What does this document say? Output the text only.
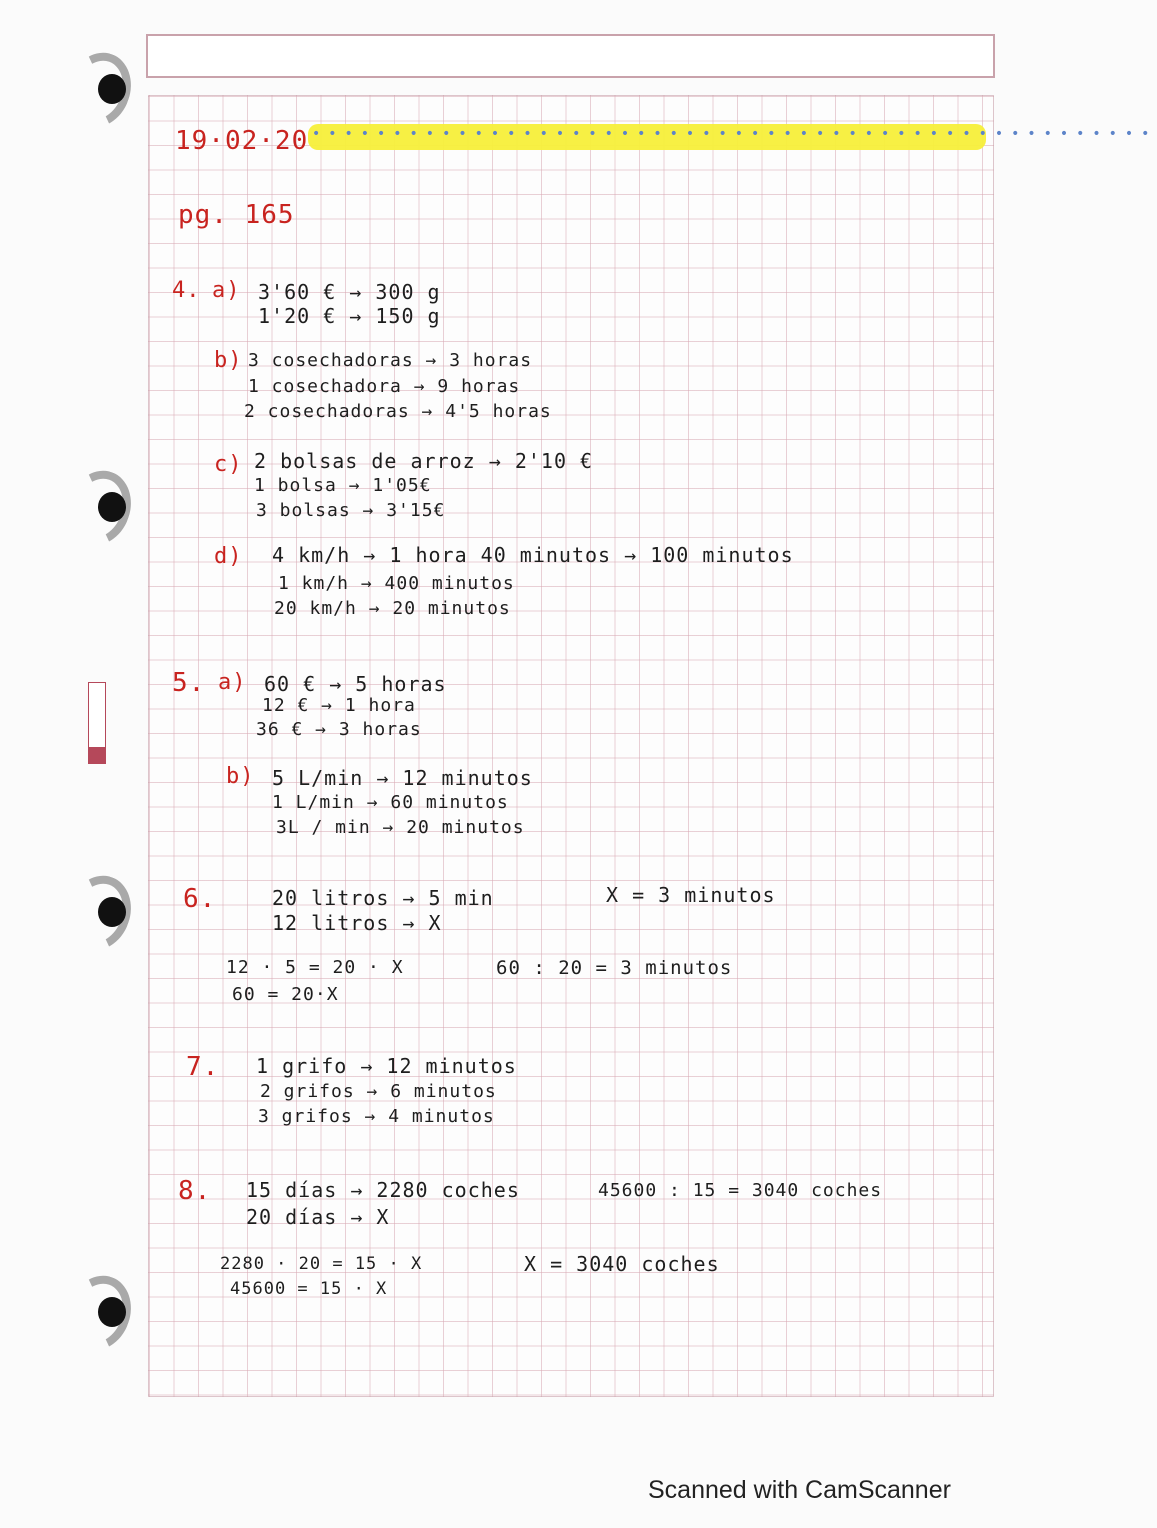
••••••••••••••••••••••••••••••••••••••••••••••••••••
19·02·20
pg. 165
4. a) 3'60 € → 300 g
1'20 € → 150 g
b) 3 cosechadoras → 3 horas
1 cosechadora → 9 horas
2 cosechadoras → 4'5 horas
c) 2 bolsas de arroz → 2'10 €
1 bolsa → 1'05€
3 bolsas → 3'15€
d) 4 km/h → 1 hora 40 minutos → 100 minutos
1 km/h → 400 minutos
20 km/h → 20 minutos
5. a) 60 € → 5 horas
12 € → 1 hora
36 € → 3 horas
b) 5 L/min → 12 minutos
1 L/min → 60 minutos
3L / min → 20 minutos
6.	20 litros → 5 min
12 litros → X
X = 3 minutos
12 · 5 = 20 · X
60 = 20·X
60 : 20 = 3 minutos
7. 1 grifo → 12 minutos
2 grifos → 6 minutos
3 grifos → 4 minutos
8. 15 días → 2280 coches
20 días → X
45600 : 15 = 3040 coches
2280 · 20 = 15 · X
45600 = 15 · X
X = 3040 coches
Scanned with CamScanner
